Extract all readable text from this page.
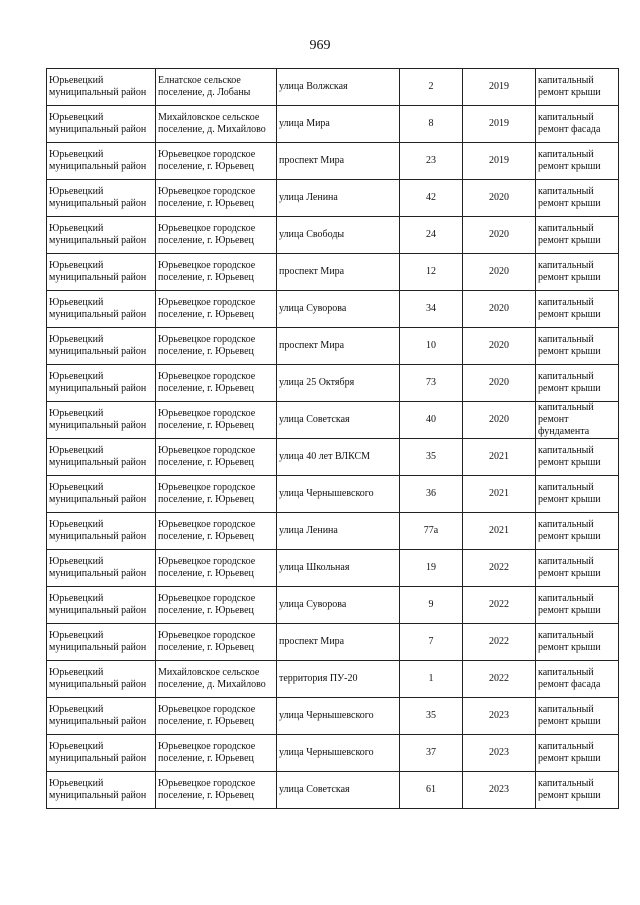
969
Юрьевецкий муниципальный район	Елнатское сельское поселение, д. Лобаны	улица Волжская	2	2019	капитальный ремонт крыши

Юрьевецкий муниципальный район	Михайловское сельское поселение, д. Михайлово	улица Мира	8	2019	капитальный ремонт фасада

Юрьевецкий муниципальный район	Юрьевецкое городское поселение, г. Юрьевец	проспект Мира	23	2019	капитальный ремонт крыши

Юрьевецкий муниципальный район	Юрьевецкое городское поселение, г. Юрьевец	улица Ленина	42	2020	капитальный ремонт крыши

Юрьевецкий муниципальный район	Юрьевецкое городское поселение, г. Юрьевец	улица Свободы	24	2020	капитальный ремонт крыши

Юрьевецкий муниципальный район	Юрьевецкое городское поселение, г. Юрьевец	проспект Мира	12	2020	капитальный ремонт крыши

Юрьевецкий муниципальный район	Юрьевецкое городское поселение, г. Юрьевец	улица Суворова	34	2020	капитальный ремонт крыши

Юрьевецкий муниципальный район	Юрьевецкое городское поселение, г. Юрьевец	проспект Мира	10	2020	капитальный ремонт крыши

Юрьевецкий муниципальный район	Юрьевецкое городское поселение, г. Юрьевец	улица 25 Октября	73	2020	капитальный ремонт крыши

Юрьевецкий муниципальный район	Юрьевецкое городское поселение, г. Юрьевец	улица Советская	40	2020	капитальный ремонт фундамента

Юрьевецкий муниципальный район	Юрьевецкое городское поселение, г. Юрьевец	улица 40 лет ВЛКСМ	35	2021	капитальный ремонт крыши

Юрьевецкий муниципальный район	Юрьевецкое городское поселение, г. Юрьевец	улица Чернышевского	36	2021	капитальный ремонт крыши

Юрьевецкий муниципальный район	Юрьевецкое городское поселение, г. Юрьевец	улица Ленина	77а	2021	капитальный ремонт крыши

Юрьевецкий муниципальный район	Юрьевецкое городское поселение, г. Юрьевец	улица Школьная	19	2022	капитальный ремонт крыши

Юрьевецкий муниципальный район	Юрьевецкое городское поселение, г. Юрьевец	улица Суворова	9	2022	капитальный ремонт крыши

Юрьевецкий муниципальный район	Юрьевецкое городское поселение, г. Юрьевец	проспект Мира	7	2022	капитальный ремонт крыши

Юрьевецкий муниципальный район	Михайловское сельское поселение, д. Михайлово	территория ПУ-20	1	2022	капитальный ремонт фасада

Юрьевецкий муниципальный район	Юрьевецкое городское поселение, г. Юрьевец	улица Чернышевского	35	2023	капитальный ремонт крыши

Юрьевецкий муниципальный район	Юрьевецкое городское поселение, г. Юрьевец	улица Чернышевского	37	2023	капитальный ремонт крыши

Юрьевецкий муниципальный район	Юрьевецкое городское поселение, г. Юрьевец	улица Советская	61	2023	капитальный ремонт крыши
